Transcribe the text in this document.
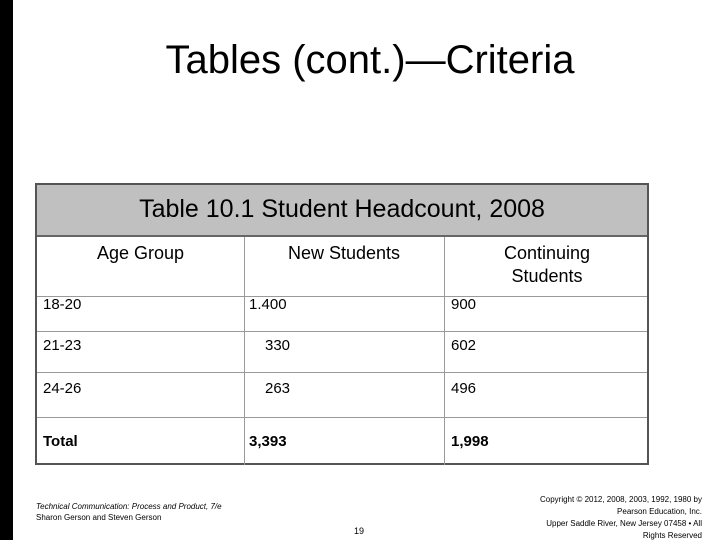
Tables (cont.)—Criteria
Table 10.1 Student Headcount, 2008
Age Group	New Students	Continuing Students
18-20	1.400	900
21-23	330	602
24-26	263	496
Total	3,393	1,998
Technical Communication: Process and Product, 7/e
Sharon Gerson and Steven Gerson
19
Copyright © 2012, 2008, 2003, 1992, 1980 by
Pearson Education, Inc.
Upper Saddle River, New Jersey 07458 • All
Rights Reserved
